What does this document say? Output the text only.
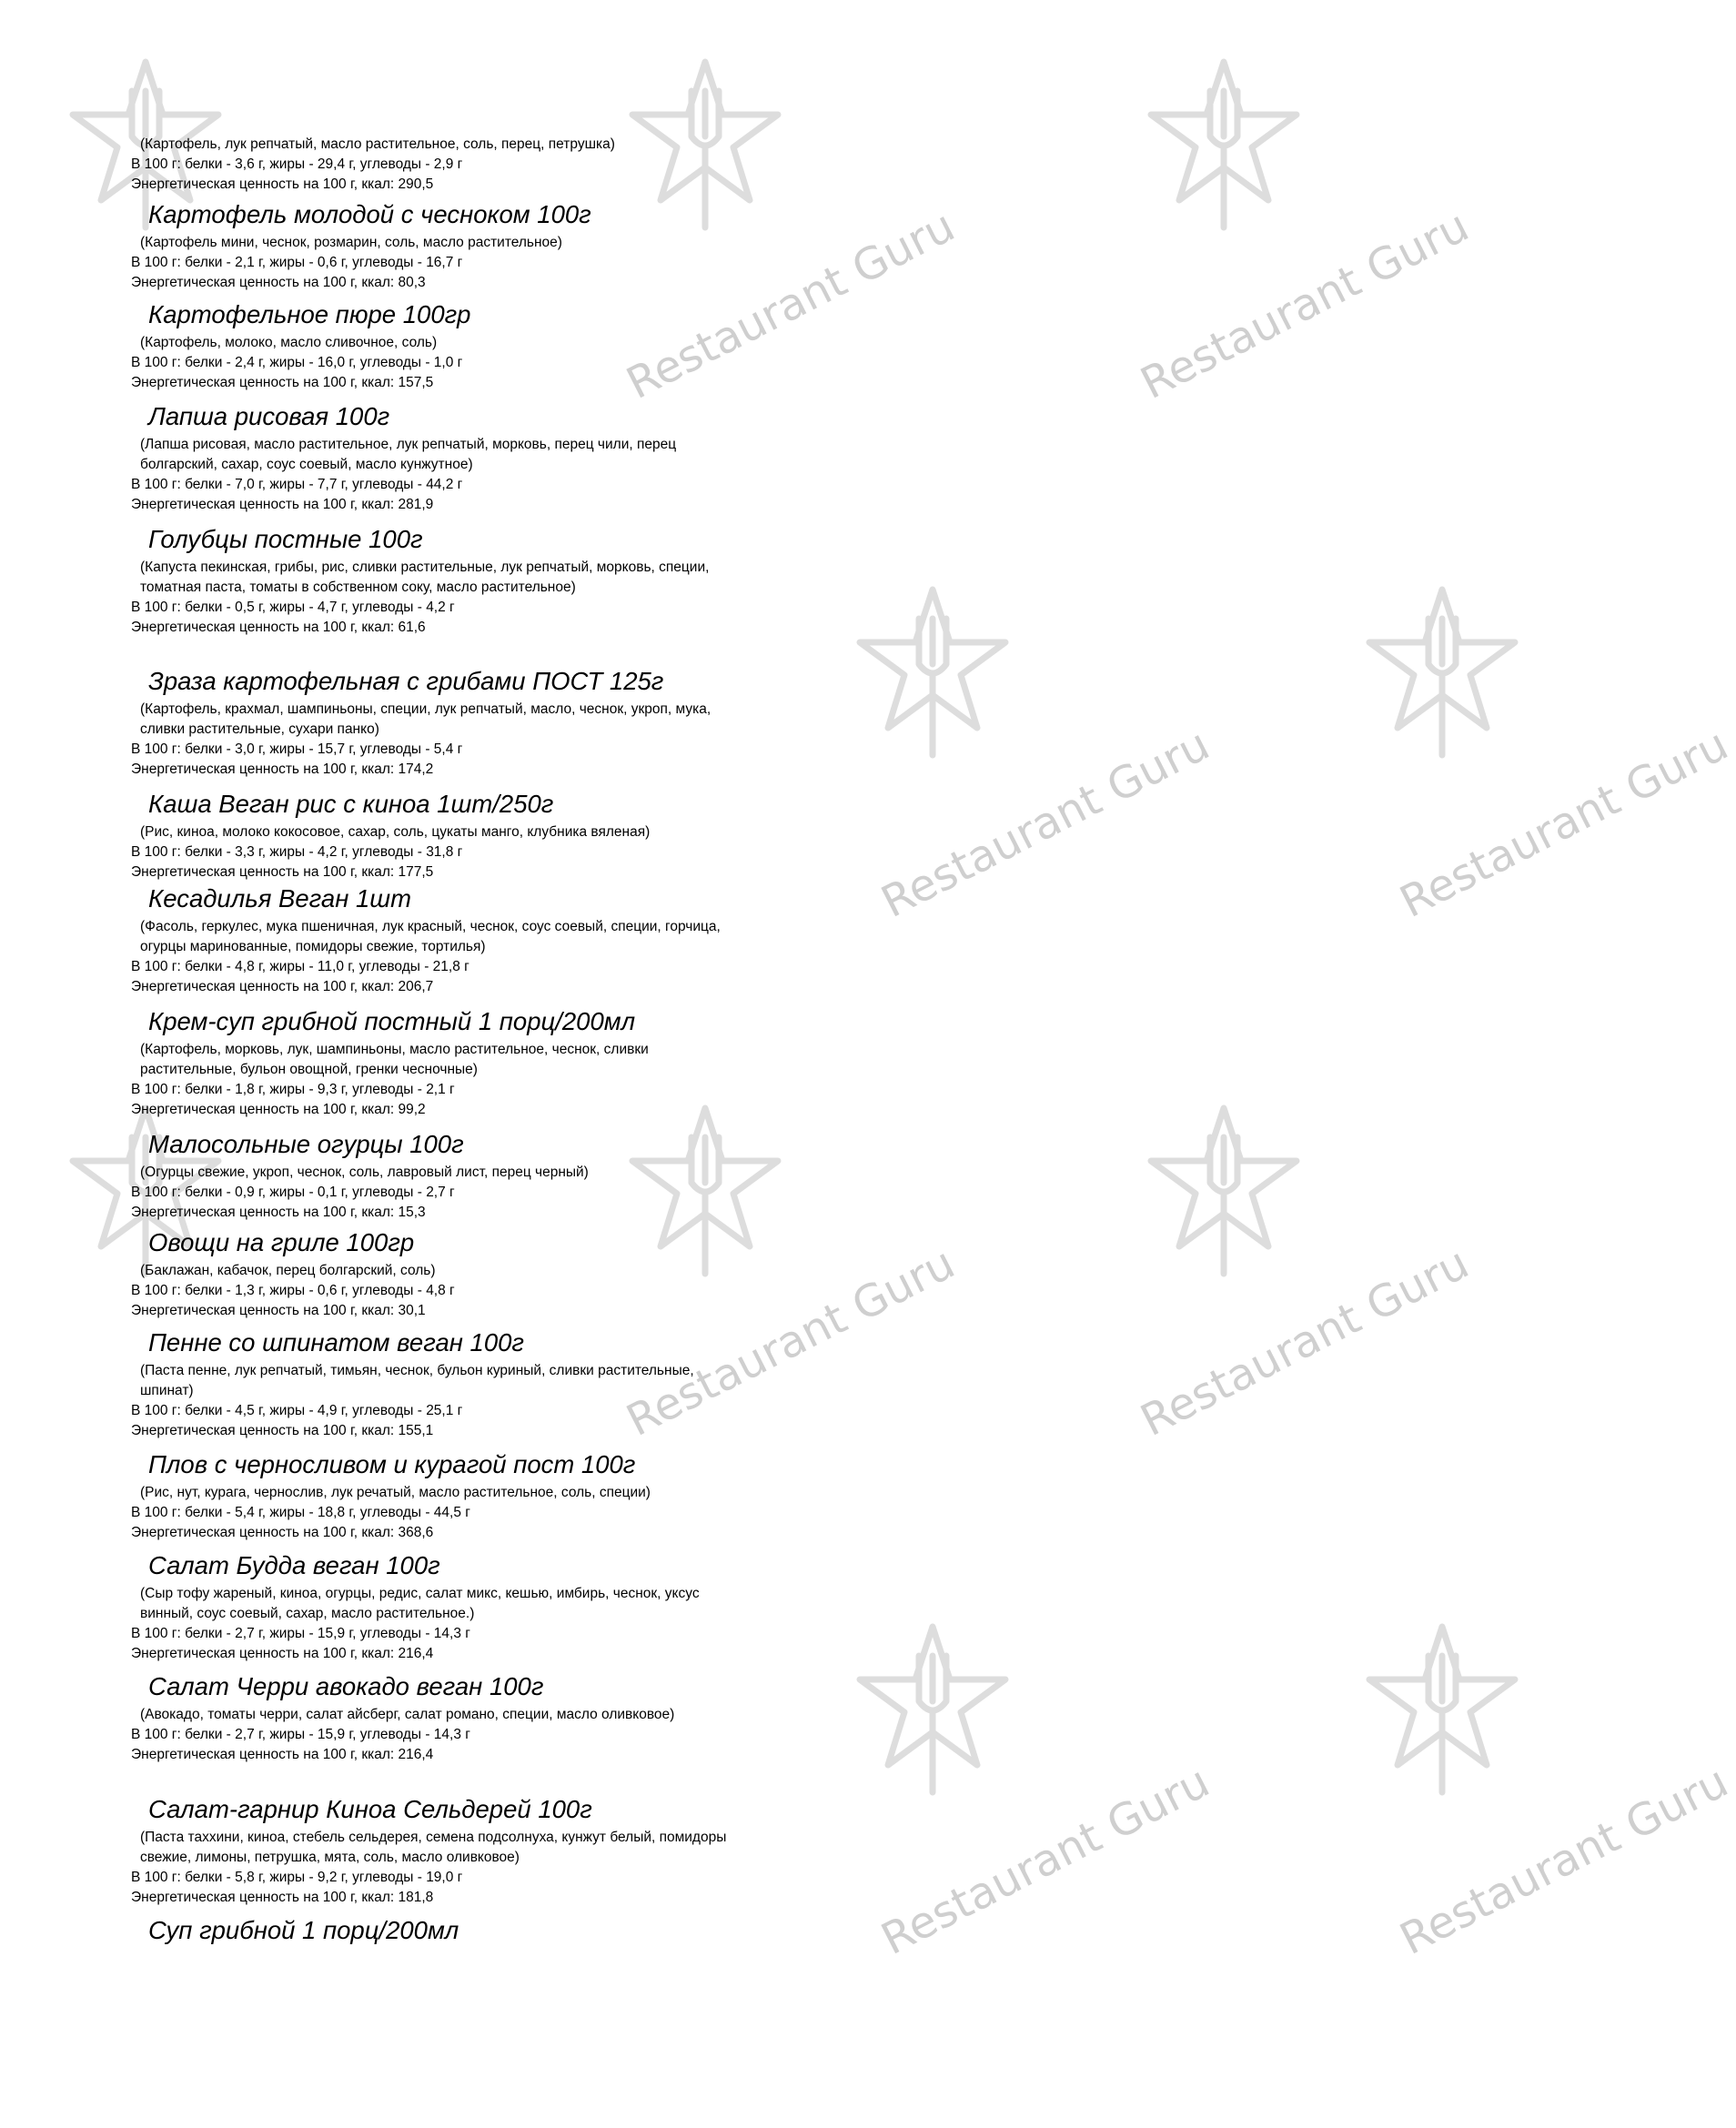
Restaurant Guru	Restaurant Guru
Restaurant Guru	Restaurant Guru
Restaurant Guru	Restaurant Guru
Restaurant Guru	Restaurant Guru
(Картофель, лук репчатый, масло растительное, соль, перец, петрушка)
В 100 г: белки - 3,6 г, жиры - 29,4 г, углеводы - 2,9 г
Энергетическая ценность на 100 г, ккал: 290,5
Картофель молодой с чесноком 100г
(Картофель мини, чеснок, розмарин, соль, масло растительное)
В 100 г: белки - 2,1 г, жиры - 0,6 г, углеводы - 16,7 г
Энергетическая ценность на 100 г, ккал: 80,3
Картофельное пюре 100гр
(Картофель, молоко, масло сливочное, соль)
В 100 г: белки - 2,4 г, жиры - 16,0 г, углеводы - 1,0 г
Энергетическая ценность на 100 г, ккал: 157,5
Лапша рисовая 100г
(Лапша рисовая, масло растительное, лук репчатый, морковь, перец чили, перец
болгарский, сахар, соус соевый, масло кунжутное)
В 100 г: белки - 7,0 г, жиры - 7,7 г, углеводы - 44,2 г
Энергетическая ценность на 100 г, ккал: 281,9
Голубцы постные 100г
(Капуста пекинская, грибы, рис, сливки растительные, лук репчатый, морковь, специи,
томатная паста, томаты в собственном соку, масло растительное)
В 100 г: белки - 0,5 г, жиры - 4,7 г, углеводы - 4,2 г
Энергетическая ценность на 100 г, ккал: 61,6
Зраза картофельная с грибами ПОСТ 125г
(Картофель, крахмал, шампиньоны, специи, лук репчатый, масло, чеснок, укроп, мука,
сливки растительные, сухари панко)
В 100 г: белки - 3,0 г, жиры - 15,7 г, углеводы - 5,4 г
Энергетическая ценность на 100 г, ккал: 174,2
Каша Веган рис с киноа 1шт/250г
(Рис, киноа, молоко кокосовое, сахар, соль, цукаты манго, клубника вяленая)
В 100 г: белки - 3,3 г, жиры - 4,2 г, углеводы - 31,8 г
Энергетическая ценность на 100 г, ккал: 177,5
Кесадилья Веган 1шт
(Фасоль, геркулес, мука пшеничная, лук красный, чеснок, соус соевый, специи, горчица,
огурцы маринованные, помидоры свежие, тортилья)
В 100 г: белки - 4,8 г, жиры - 11,0 г, углеводы - 21,8 г
Энергетическая ценность на 100 г, ккал: 206,7
Крем-суп грибной постный 1 порц/200мл
(Картофель, морковь, лук, шампиньоны, масло растительное, чеснок, сливки
растительные, бульон овощной, гренки чесночные)
В 100 г: белки - 1,8 г, жиры - 9,3 г, углеводы - 2,1 г
Энергетическая ценность на 100 г, ккал: 99,2
Малосольные огурцы 100г
(Огурцы свежие, укроп, чеснок, соль, лавровый лист, перец черный)
В 100 г: белки - 0,9 г, жиры - 0,1 г, углеводы - 2,7 г
Энергетическая ценность на 100 г, ккал: 15,3
Овощи на гриле 100гр
(Баклажан, кабачок, перец болгарский, соль)
В 100 г: белки - 1,3 г, жиры - 0,6 г, углеводы - 4,8 г
Энергетическая ценность на 100 г, ккал: 30,1
Пенне со шпинатом веган 100г
(Паста пенне, лук репчатый, тимьян, чеснок, бульон куриный, сливки растительные,
шпинат)
В 100 г: белки - 4,5 г, жиры - 4,9 г, углеводы - 25,1 г
Энергетическая ценность на 100 г, ккал: 155,1
Плов с черносливом и курагой пост 100г
(Рис, нут, курага, чернослив, лук речатый, масло растительное, соль, специи)
В 100 г: белки - 5,4 г, жиры - 18,8 г, углеводы - 44,5 г
Энергетическая ценность на 100 г, ккал: 368,6
Салат Будда веган 100г
(Сыр тофу жареный, киноа, огурцы, редис, салат микс, кешью, имбирь, чеснок, уксус
винный, соус соевый, сахар, масло растительное.)
В 100 г: белки - 2,7 г, жиры - 15,9 г, углеводы - 14,3 г
Энергетическая ценность на 100 г, ккал: 216,4
Салат Черри авокадо веган 100г
(Авокадо, томаты черри, салат айсберг, салат романо, специи, масло оливковое)
В 100 г: белки - 2,7 г, жиры - 15,9 г, углеводы - 14,3 г
Энергетическая ценность на 100 г, ккал: 216,4
Салат-гарнир Киноа Сельдерей 100г
(Паста таххини, киноа, стебель сельдерея, семена подсолнуха, кунжут белый, помидоры
свежие, лимоны, петрушка, мята, соль, масло оливковое)
В 100 г: белки - 5,8 г, жиры - 9,2 г, углеводы - 19,0 г
Энергетическая ценность на 100 г, ккал: 181,8
Суп грибной 1 порц/200мл
